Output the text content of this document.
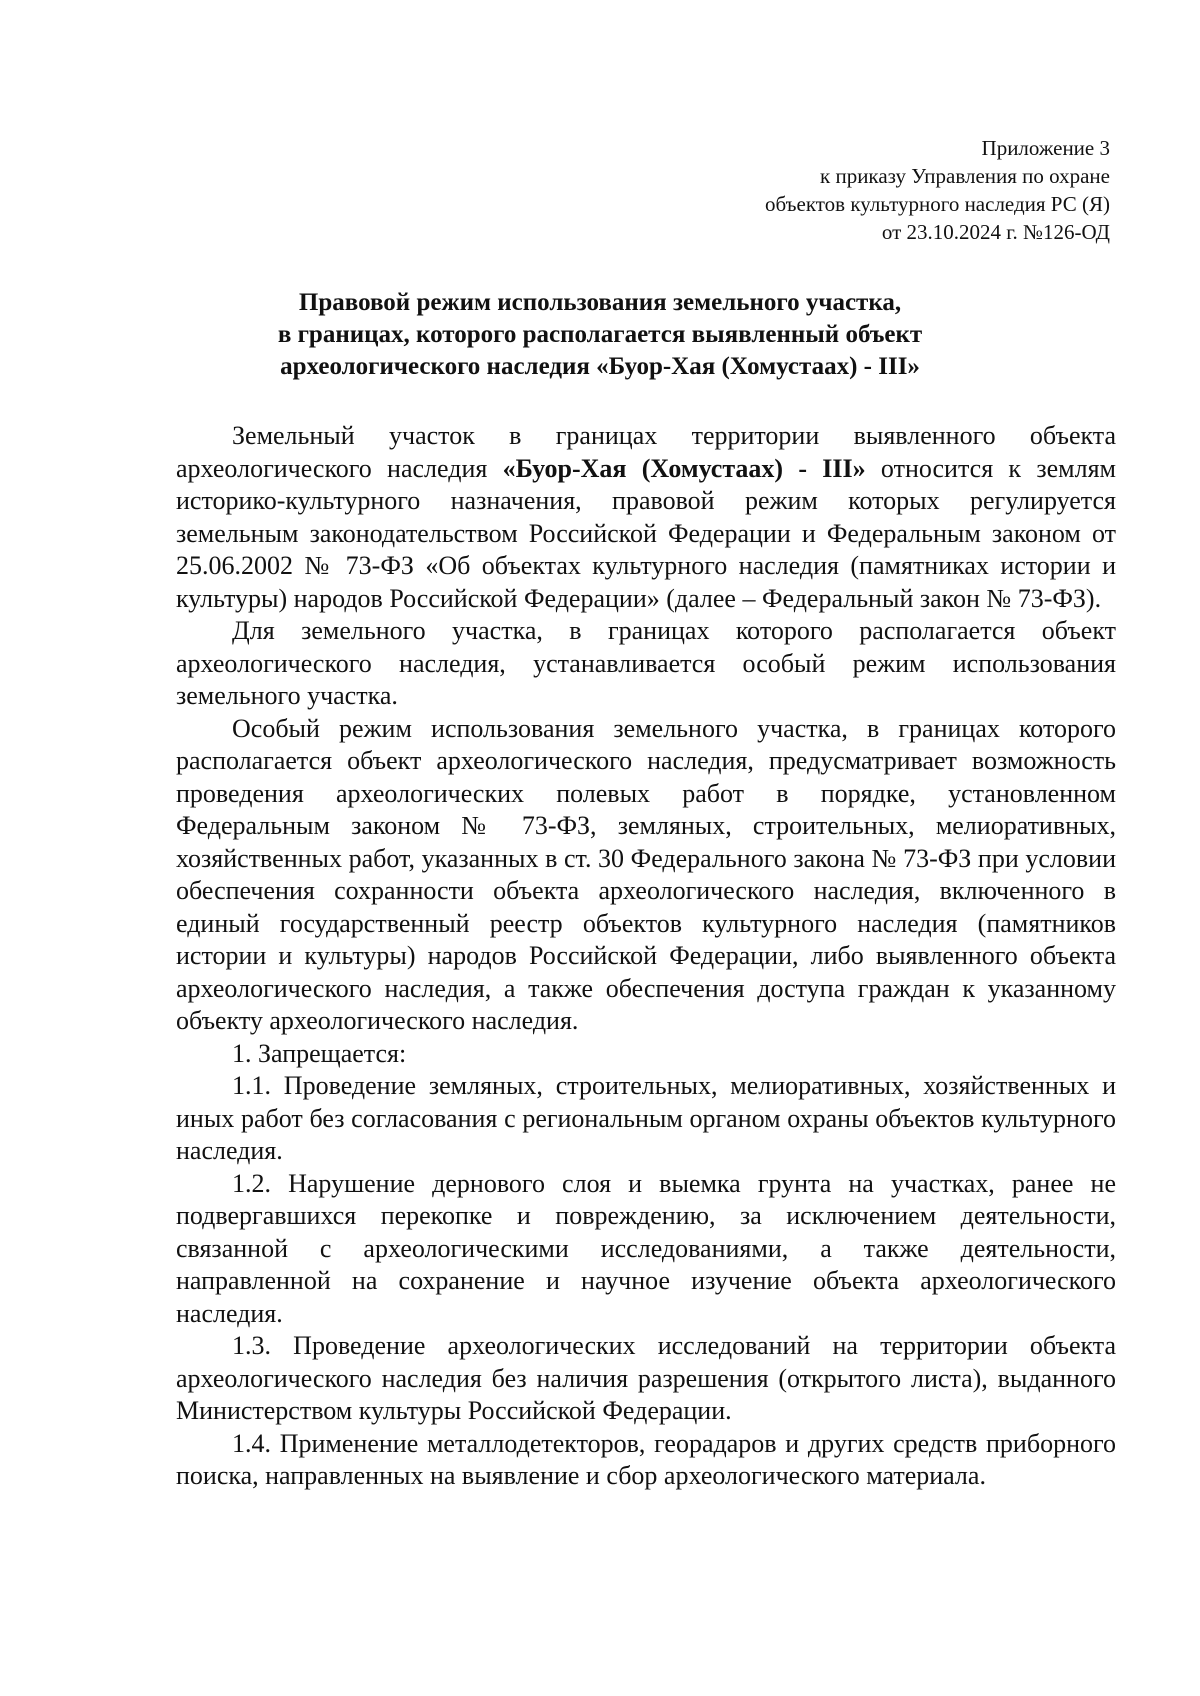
Приложение 3
к приказу Управления по охране
объектов культурного наследия РС (Я)
от 23.10.2024 г. №126-ОД
Правовой режим использования земельного участка,
в границах, которого располагается выявленный объект
археологического наследия «Буор-Хая (Хомустаах) - III»

Земельный участок в границах территории выявленного объекта археологического наследия «Буор-Хая (Хомустаах) - III» относится к землям историко-культурного назначения, правовой режим которых регулируется земельным законодательством Российской Федерации и Федеральным законом от 25.06.2002 № 73-ФЗ «Об объектах культурного наследия (памятниках истории и культуры) народов Российской Федерации» (далее – Федеральный закон № 73-ФЗ).

Для земельного участка, в границах которого располагается объект археологического наследия, устанавливается особый режим использования земельного участка.

Особый режим использования земельного участка, в границах которого располагается объект археологического наследия, предусматривает возможность проведения археологических полевых работ в порядке, установленном Федеральным законом № 73-ФЗ, земляных, строительных, мелиоративных, хозяйственных работ, указанных в ст. 30 Федерального закона № 73-ФЗ при условии обеспечения сохранности объекта археологического наследия, включенного в единый государственный реестр объектов культурного наследия (памятников истории и культуры) народов Российской Федерации, либо выявленного объекта археологического наследия, а также обеспечения доступа граждан к указанному объекту археологического наследия.

1. Запрещается:

1.1. Проведение земляных, строительных, мелиоративных, хозяйственных и иных работ без согласования с региональным органом охраны объектов культурного наследия.

1.2. Нарушение дернового слоя и выемка грунта на участках, ранее не подвергавшихся перекопке и повреждению, за исключением деятельности, связанной с археологическими исследованиями, а также деятельности, направленной на сохранение и научное изучение объекта археологического наследия.

1.3. Проведение археологических исследований на территории объекта археологического наследия без наличия разрешения (открытого листа), выданного Министерством культуры Российской Федерации.

1.4. Применение металлодетекторов, георадаров и других средств приборного поиска, направленных на выявление и сбор археологического материала.
